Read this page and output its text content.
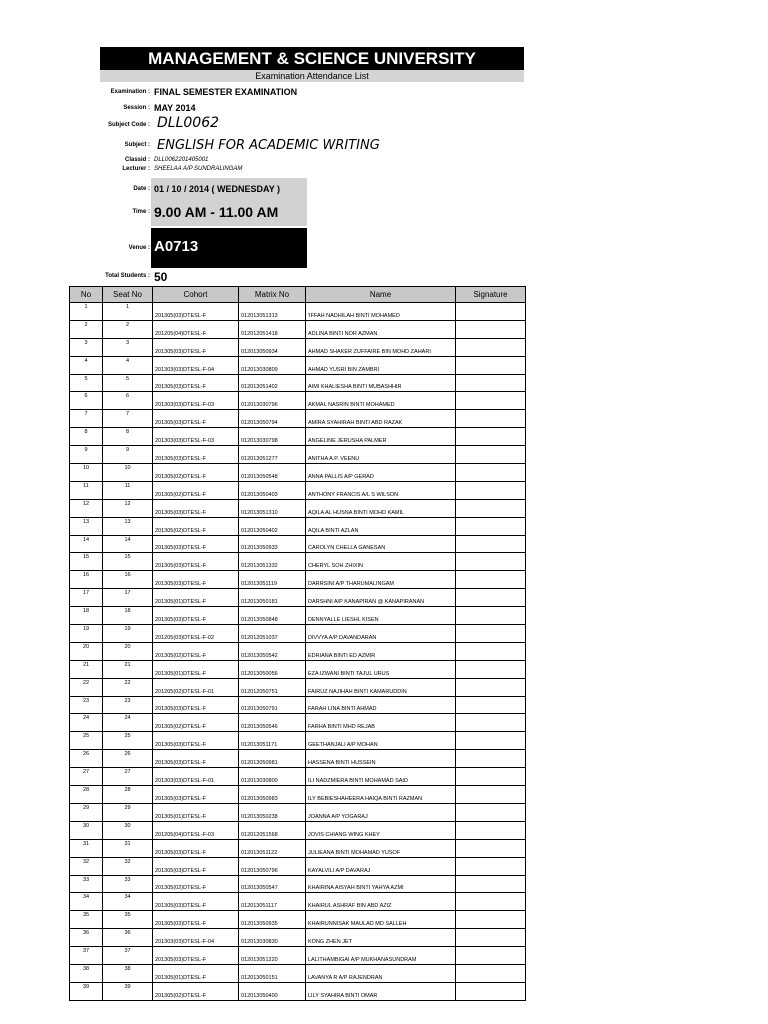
MANAGEMENT & SCIENCE UNIVERSITY
Examination Attendance List
Examination : FINAL SEMESTER EXAMINATION
Session : MAY 2014
Subject Code : DLL0062
Subject : ENGLISH FOR ACADEMIC WRITING
Classid : DLL0062201405001
Lecturer : SHEELAA A/P SUNDRALINGAM
Date : 01 / 10 / 2014 ( WEDNESDAY )
Time : 9.00 AM - 11.00 AM
Venue : A0713
Total Students : 50
No	Seat No	Cohort	Matrix No	Name	Signature
1	1	201305(03)DTESL-F	012013051313	'IFFAH NADHILAH BINTI MOHAMED	
2	2	201205(04)DTESL-F	012012051418	ADLINA BINTI NOR AZMAN	
3	3	201305(03)DTESL-F	012013050934	AHMAD SHAKER ZUFFAIRE BIN MOHD ZAHARI	
4	4	201303(03)DTESL-F-04	012013030809	AHMAD YUSRI BIN ZAMBRI	
5	5	201305(03)DTESL-F	012013051402	AIMI KHALIESHA BINTI MUBASHHIR	
6	6	201303(03)DTESL-F-03	012013030796	AKMAL NASRIN BINTI MOHAMED	
7	7	201305(03)DTESL-F	012013050794	AMIRA SYAHIRAH BINTI ABD RAZAK	
8	8	201303(03)DTESL-F-03	012013030798	ANGELINE JERUSHA PALMER	
9	9	201305(03)DTESL-F	012013051277	ANITHA A.P. VEENU	
10	10	201305(02)DTESL-F	012013050548	ANNA PALLIS A/P GERAD	
11	11	201305(02)DTESL-F	012013050403	ANTHONY FRANCIS A/L S WILSON	
12	12	201305(03)DTESL-F	012013051310	AQILA AL HUSNA BINTI MOHD KAMIL	
13	13	201305(02)DTESL-F	012013050402	AQILA BINTI AZLAN	
14	14	201305(03)DTESL-F	012013050933	CAROLYN CHELLA GANESAN	
15	15	201305(03)DTESL-F	012013051332	CHERYL SOH ZHIXIN	
16	16	201305(03)DTESL-F	012013051119	DARRSINI A/P THARUMALINGAM	
17	17	201305(01)DTESL-F	012013050181	DARSHNI A/P KANAPIRAN @ KANAPIRANAN	
18	18	201305(03)DTESL-F	012013050848	DENNYALLE LIESHL KISEN	
19	19	201205(03)DTESL-F-02	012012051037	DIVVYA A/P DAVANDARAN	
20	20	201305(02)DTESL-F	012013050542	EDRIANA BINTI ED AZMIR	
21	21	201305(01)DTESL-F	012013050056	EZA IZWANI BINTI TAJUL URUS	
22	22	201205(02)DTESL-F-01	012012050751	FAIRUZ NAJIHAH BINTI KAMARUDDIN	
23	23	201305(03)DTESL-F	012013050791	FARAH LINA BINTI AHMAD	
24	24	201305(02)DTESL-F	012013050546	FARHA BINTI MHD REJAB	
25	25	201305(03)DTESL-F	012013051171	GEETHANJALI A/P MOHAN	
26	26	201305(03)DTESL-F	012013050981	HASSENA BINTI HUSSEIN	
27	27	201303(03)DTESL-F-01	012013030800	ILI NADZMIERA BINTI MOHAMAD SAID	
28	28	201305(03)DTESL-F	012013050983	ILY BEBIESHAHEERA HAIQA BINTI RAZMAN	
29	29	201305(01)DTESL-F	012013050238	JOANNA A/P YOGARAJ	
30	30	201205(04)DTESL-F-03	012012051568	JOVIS CHIANG WING KHEY	
31	31	201305(03)DTESL-F	012013051122	JULIEANA BINTI MOHAMAD YUSOF	
32	32	201305(03)DTESL-F	012013050796	KAYALVILI A/P DAVARAJ	
33	33	201305(02)DTESL-F	012013050547	KHAIRINA AISYAH BINTI YAHYA AZMI	
34	34	201305(03)DTESL-F	012013051117	KHAIRUL ASHRAF BIN ABD AZIZ	
35	35	201305(03)DTESL-F	012013050935	KHAIRUNNISAK MAULAD MD SALLEH	
36	36	201303(03)DTESL-F-04	012013030830	KONG ZHEN JET	
37	37	201305(03)DTESL-F	012013051220	LALITHAMBIGAI A/P MUKHANASUNDRAM	
38	38	201305(01)DTESL-F	012013050151	LAVANYA R A/P RAJENDRAN	
39	39	201305(02)DTESL-F	012013050400	LILY SYAHIRA BINTI OMAR	
